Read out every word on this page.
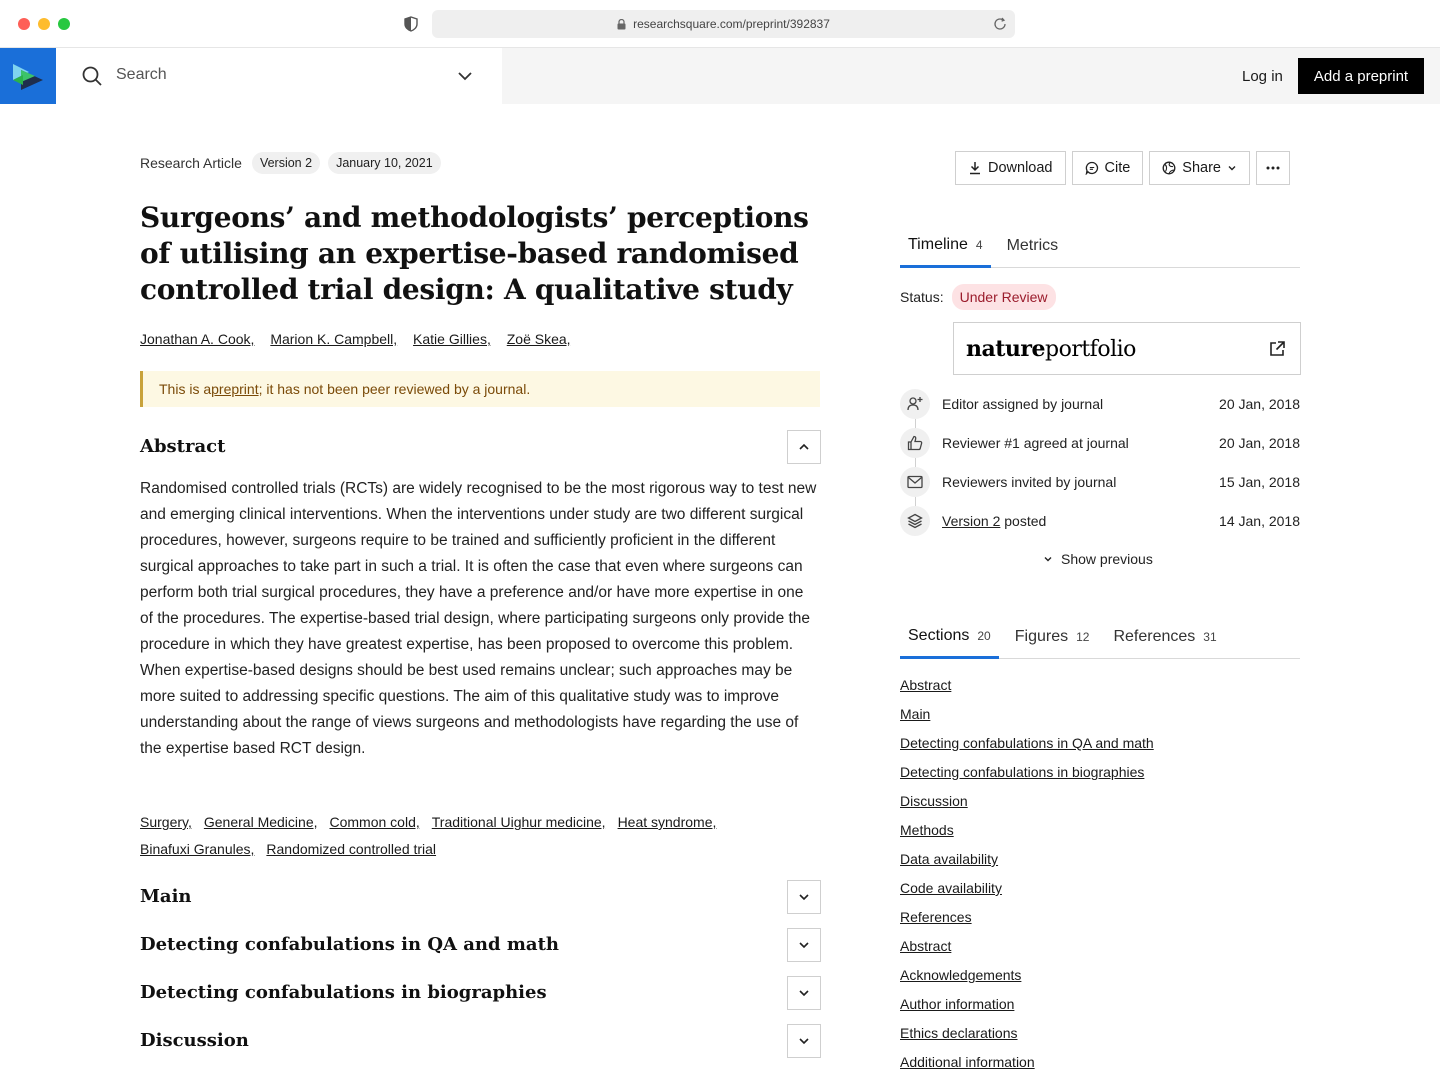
researchsquare.com/preprint/392837
Search	Log in	Add a preprint
Research Article	Version 2	January 10, 2021
Surgeons’ and methodologists’ perceptions of utilising an expertise-based randomised controlled trial design: A qualitative study
Jonathan A. Cook, Marion K. Campbell, Katie Gillies, Zoë Skea,
This is a preprint ; it has not been peer reviewed by a journal.
Abstract

Randomised controlled trials (RCTs) are widely recognised to be the most rigorous way to test new and emerging clinical interventions. When the interventions under study are two different surgical procedures, however, surgeons require to be trained and sufficiently proficient in the different surgical approaches to take part in such a trial. It is often the case that even where surgeons can perform both trial surgical procedures, they have a preference and/or have more expertise in one of the procedures. The expertise-based trial design, where participating surgeons only provide the procedure in which they have greatest expertise, has been proposed to overcome this problem. When expertise-based designs should be best used remains unclear; such approaches may be more suited to addressing specific questions. The aim of this qualitative study was to improve understanding about the range of views surgeons and methodologists have regarding the use of the expertise based RCT design.

Surgery, General Medicine, Common cold, Traditional Uighur medicine, Heat syndrome,
Binafuxi Granules, Randomized controlled trial
Main
Detecting confabulations in QA and math
Detecting confabulations in biographies
Discussion
Download	Cite	Share
Timeline 4 Metrics
Status:	Under Review
natureportfolio
Editor assigned by journal	20 Jan, 2018
Reviewer #1 agreed at journal	20 Jan, 2018
Reviewers invited by journal	15 Jan, 2018
Version 2 posted	14 Jan, 2018
Show previous
Sections 20 Figures 12 References 31
Abstract
Main
Detecting confabulations in QA and math
Detecting confabulations in biographies
Discussion
Methods
Data availability
Code availability
References
Abstract
Acknowledgements
Author information
Ethics declarations
Additional information
